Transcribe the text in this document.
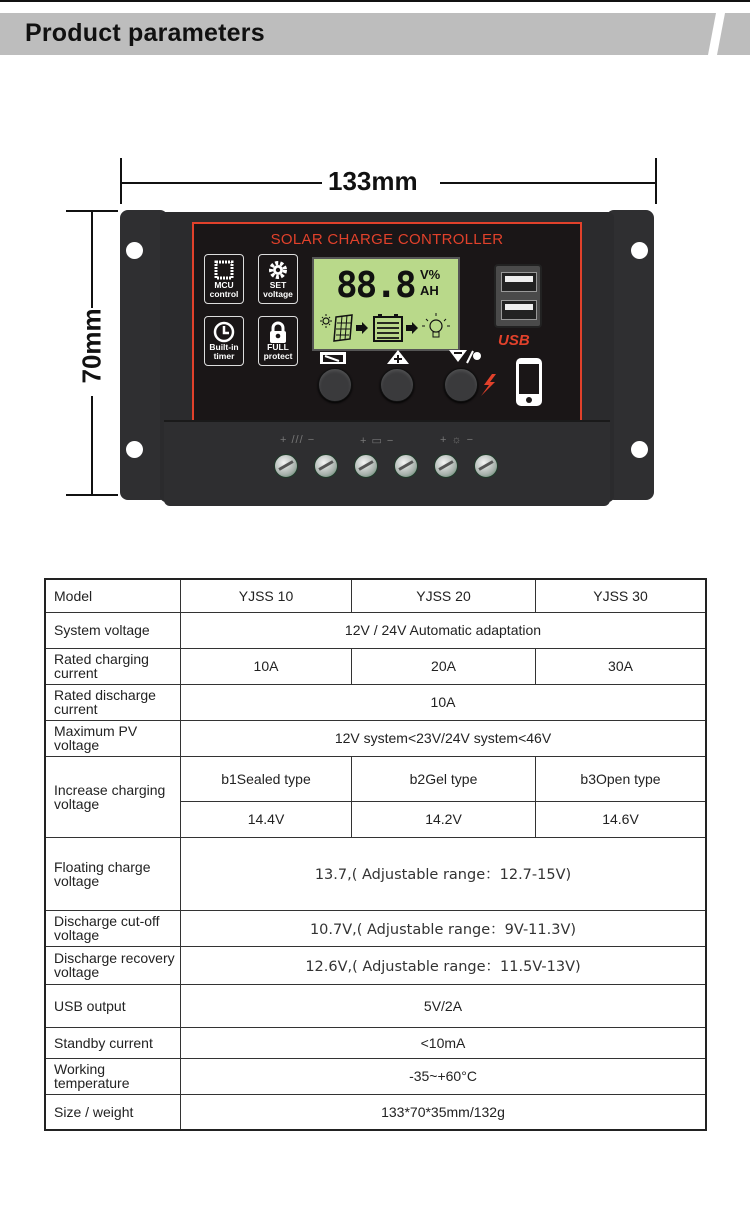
Product parameters
133mm
70mm
SOLAR CHARGE CONTROLLER
MCU
control
SET
voltage
Built-in
timer
FULL
protect
88.8 V%
AH
USB
+ /// −	+ ▭ −	+ ☼ −
Model	YJSS 10	YJSS 20	YJSS 30
System voltage	12V / 24V Automatic adaptation		
Rated charging current	10A	20A	30A
Rated discharge current	10A		
Maximum PV voltage	12V system<23V/24V system<46V		
Increase charging voltage	b1Sealed type	b2Gel type	b3Open type
	14.4V	14.2V	14.6V
Floating charge voltage	13.7,( Adjustable range：12.7-15V)		
Discharge cut-off voltage	10.7V,( Adjustable range：9V-11.3V)		
Discharge recovery voltage	12.6V,( Adjustable range：11.5V-13V)		
USB output	5V/2A		
Standby current	<10mA		
Working temperature	-35~+60°C		
Size / weight	133*70*35mm/132g		
